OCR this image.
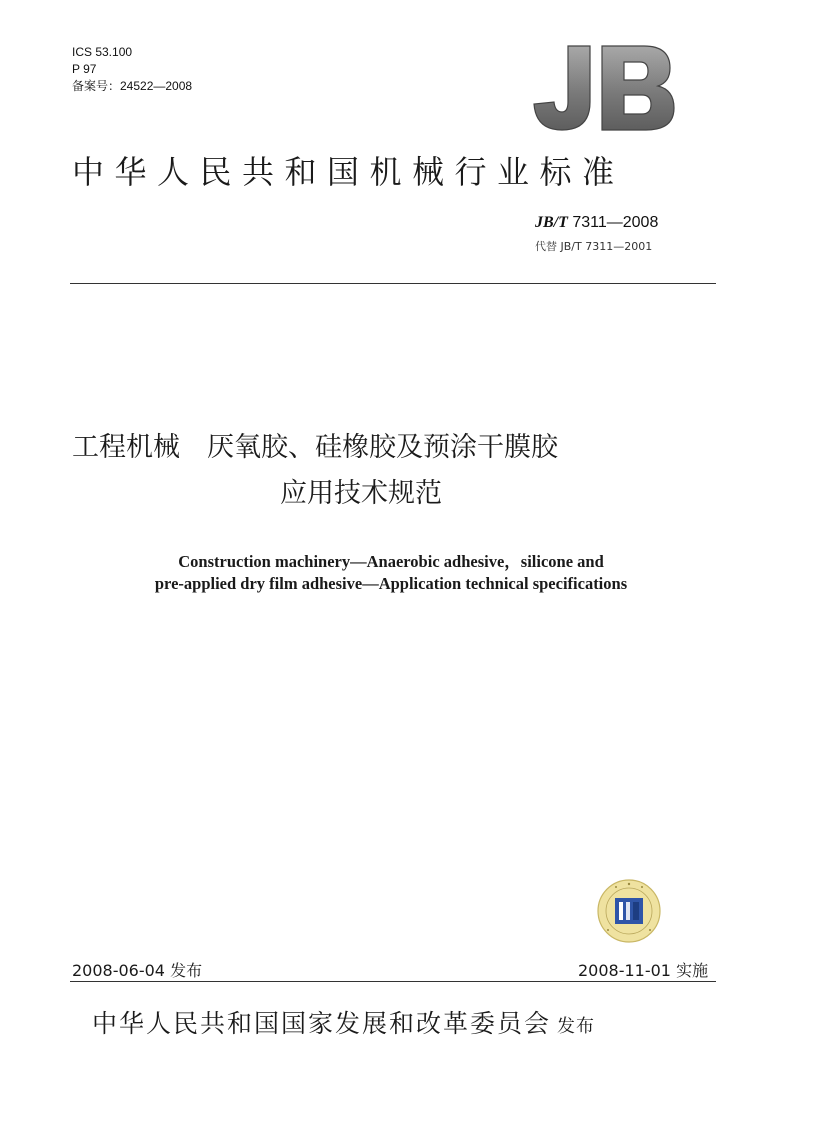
ICS 53.100
P 97
备案号：24522—2008
中华人民共和国机械行业标准
JB/T 7311—2008
代替 JB/T 7311—2001
工程机械　厌氧胶、硅橡胶及预涂干膜胶
应用技术规范
Construction machinery—Anaerobic adhesive，silicone and
pre-applied dry film adhesive—Application technical specifications
2008-06-04 发布	2008-11-01 实施
中华人民共和国国家发展和改革委员会 发布
